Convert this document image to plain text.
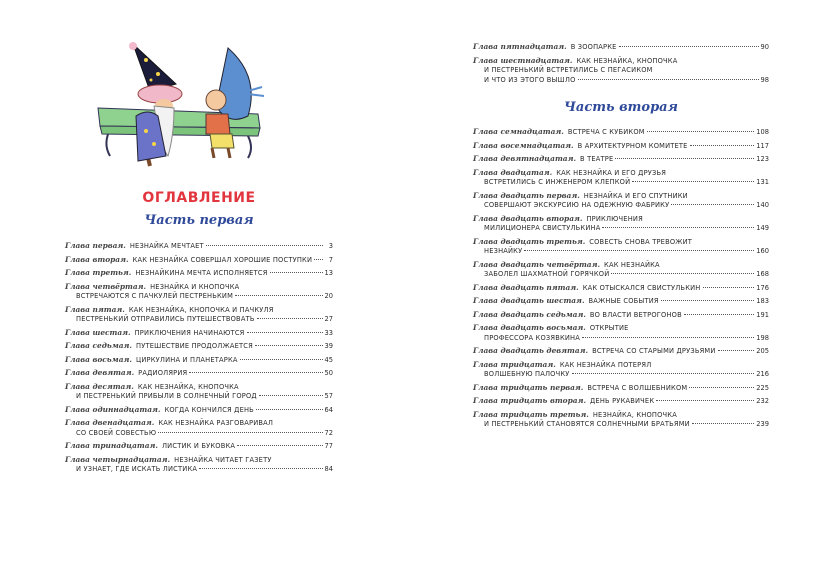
ОГЛАВЛЕНИЕ
Часть первая
Глава первая. НЕЗНАЙКА МЕЧТАЕТ	3
Глава вторая. КАК НЕЗНАЙКА СОВЕРШАЛ ХОРОШИЕ ПОСТУПКИ	7
Глава третья. НЕЗНАЙКИНА МЕЧТА ИСПОЛНЯЕТСЯ	13
Глава четвёртая. НЕЗНАЙКА И КНОПОЧКА
ВСТРЕЧАЮТСЯ С ПАЧКУЛЕЙ ПЕСТРЕНЬКИМ	20
Глава пятая. КАК НЕЗНАЙКА, КНОПОЧКА И ПАЧКУЛЯ
ПЕСТРЕНЬКИЙ ОТПРАВИЛИСЬ ПУТЕШЕСТВОВАТЬ	27
Глава шестая. ПРИКЛЮЧЕНИЯ НАЧИНАЮТСЯ	33
Глава седьмая. ПУТЕШЕСТВИЕ ПРОДОЛЖАЕТСЯ	39
Глава восьмая. ЦИРКУЛИНА И ПЛАНЕТАРКА	45
Глава девятая. РАДИОЛЯРИЯ	50
Глава десятая. КАК НЕЗНАЙКА, КНОПОЧКА
И ПЕСТРЕНЬКИЙ ПРИБЫЛИ В СОЛНЕЧНЫЙ ГОРОД	57
Глава одиннадцатая. КОГДА КОНЧИЛСЯ ДЕНЬ	64
Глава двенадцатая. КАК НЕЗНАЙКА РАЗГОВАРИВАЛ
СО СВОЕЙ СОВЕСТЬЮ	72
Глава тринадцатая. ЛИСТИК И БУКОВКА	77
Глава четырнадцатая. НЕЗНАЙКА ЧИТАЕТ ГАЗЕТУ
И УЗНАЕТ, ГДЕ ИСКАТЬ ЛИСТИКА	84
Глава пятнадцатая. В ЗООПАРКЕ	90
Глава шестнадцатая. КАК НЕЗНАЙКА, КНОПОЧКА
И ПЕСТРЕНЬКИЙ ВСТРЕТИЛИСЬ С ПЕГАСИКОМ
И ЧТО ИЗ ЭТОГО ВЫШЛО	98
Часть вторая
Глава семнадцатая. ВСТРЕЧА С КУБИКОМ	108
Глава восемнадцатая. В АРХИТЕКТУРНОМ КОМИТЕТЕ	117
Глава девятнадцатая. В ТЕАТРЕ	123
Глава двадцатая. КАК НЕЗНАЙКА И ЕГО ДРУЗЬЯ
ВСТРЕТИЛИСЬ С ИНЖЕНЕРОМ КЛЕПКОЙ	131
Глава двадцать первая. НЕЗНАЙКА И ЕГО СПУТНИКИ
СОВЕРШАЮТ ЭКСКУРСИЮ НА ОДЕЖНУЮ ФАБРИКУ	140
Глава двадцать вторая. ПРИКЛЮЧЕНИЯ
МИЛИЦИОНЕРА СВИСТУЛЬКИНА	149
Глава двадцать третья. СОВЕСТЬ СНОВА ТРЕВОЖИТ
НЕЗНАЙКУ	160
Глава двадцать четвёртая. КАК НЕЗНАЙКА
ЗАБОЛЕЛ ШАХМАТНОЙ ГОРЯЧКОЙ	168
Глава двадцать пятая. КАК ОТЫСКАЛСЯ СВИСТУЛЬКИН	176
Глава двадцать шестая. ВАЖНЫЕ СОБЫТИЯ	183
Глава двадцать седьмая. ВО ВЛАСТИ ВЕТРОГОНОВ	191
Глава двадцать восьмая. ОТКРЫТИЕ
ПРОФЕССОРА КОЗЯВКИНА	198
Глава двадцать девятая. ВСТРЕЧА СО СТАРЫМИ ДРУЗЬЯМИ	205
Глава тридцатая. КАК НЕЗНАЙКА ПОТЕРЯЛ
ВОЛШЕБНУЮ ПАЛОЧКУ	216
Глава тридцать первая. ВСТРЕЧА С ВОЛШЕБНИКОМ	225
Глава тридцать вторая. ДЕНЬ РУКАВИЧЕК	232
Глава тридцать третья. НЕЗНАЙКА, КНОПОЧКА
И ПЕСТРЕНЬКИЙ СТАНОВЯТСЯ СОЛНЕЧНЫМИ БРАТЬЯМИ	239
